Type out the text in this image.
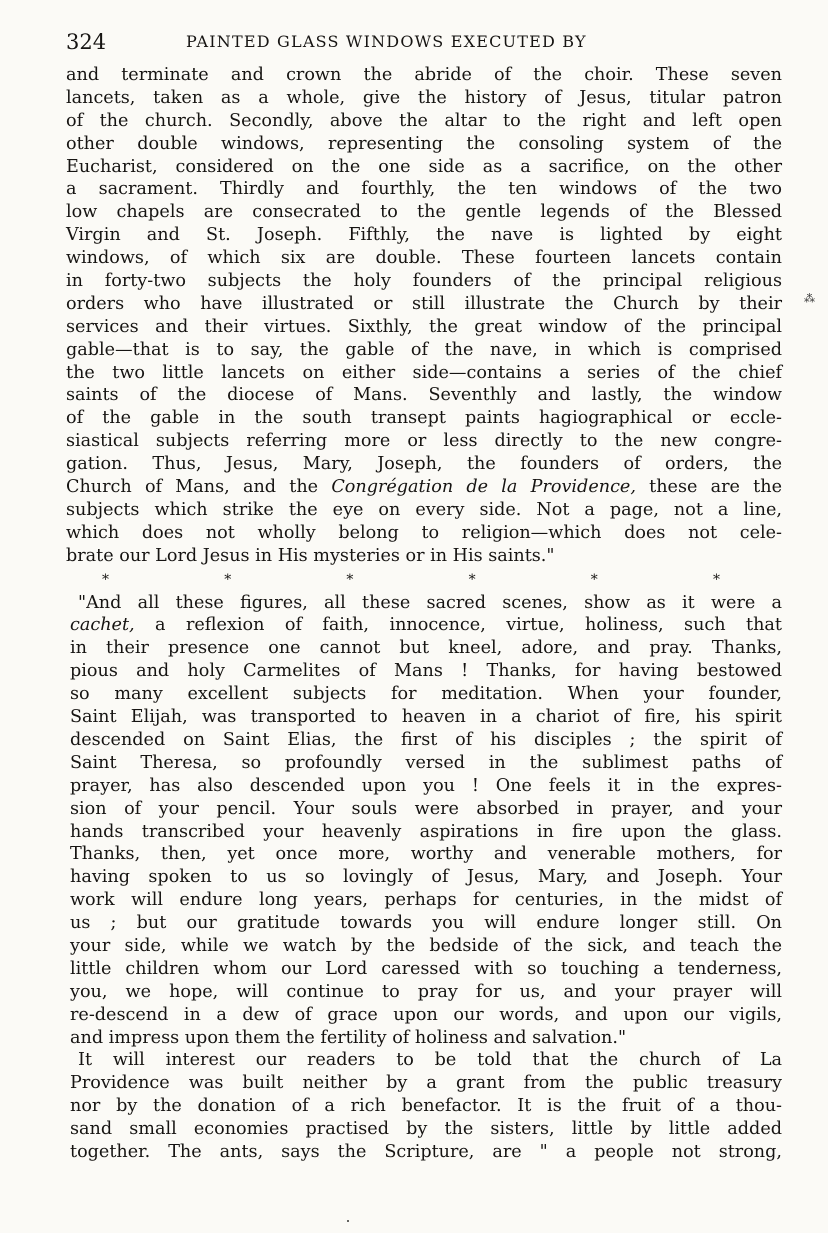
324	PAINTED GLASS WINDOWS EXECUTED BY
and terminate and crown the abride of the choir. These seven
lancets, taken as a whole, give the history of Jesus, titular patron
of the church. Secondly, above the altar to the right and left open
other double windows, representing the consoling system of the
Eucharist, considered on the one side as a sacrifice, on the other
a sacrament. Thirdly and fourthly, the ten windows of the two
low chapels are consecrated to the gentle legends of the Blessed
Virgin and St. Joseph. Fifthly, the nave is lighted by eight
windows, of which six are double. These fourteen lancets contain
in forty-two subjects the holy founders of the principal religious
orders who have illustrated or still illustrate the Church by their
services and their virtues. Sixthly, the great window of the principal
gable—that is to say, the gable of the nave, in which is comprised
the two little lancets on either side—contains a series of the chief
saints of the diocese of Mans. Seventhly and lastly, the window
of the gable in the south transept paints hagiographical or eccle-
siastical subjects referring more or less directly to the new congre-
gation. Thus, Jesus, Mary, Joseph, the founders of orders, the
Church of Mans, and the Congrégation de la Providence, these are the
subjects which strike the eye on every side. Not a page, not a line,
which does not wholly belong to religion—which does not cele-
brate our Lord Jesus in His mysteries or in His saints."
*	*	*	*	*	*
"And all these figures, all these sacred scenes, show as it were a
cachet, a reflexion of faith, innocence, virtue, holiness, such that
in their presence one cannot but kneel, adore, and pray. Thanks,
pious and holy Carmelites of Mans ! Thanks, for having bestowed
so many excellent subjects for meditation. When your founder,
Saint Elijah, was transported to heaven in a chariot of fire, his spirit
descended on Saint Elias, the first of his disciples ; the spirit of
Saint Theresa, so profoundly versed in the sublimest paths of
prayer, has also descended upon you ! One feels it in the expres-
sion of your pencil. Your souls were absorbed in prayer, and your
hands transcribed your heavenly aspirations in fire upon the glass.
Thanks, then, yet once more, worthy and venerable mothers, for
having spoken to us so lovingly of Jesus, Mary, and Joseph. Your
work will endure long years, perhaps for centuries, in the midst of
us ; but our gratitude towards you will endure longer still. On
your side, while we watch by the bedside of the sick, and teach the
little children whom our Lord caressed with so touching a tenderness,
you, we hope, will continue to pray for us, and your prayer will
re-descend in a dew of grace upon our words, and upon our vigils,
and impress upon them the fertility of holiness and salvation."
It will interest our readers to be told that the church of La
Providence was built neither by a grant from the public treasury
nor by the donation of a rich benefactor. It is the fruit of a thou-
sand small economies practised by the sisters, little by little added
together. The ants, says the Scripture, are " a people not strong,
⁂
